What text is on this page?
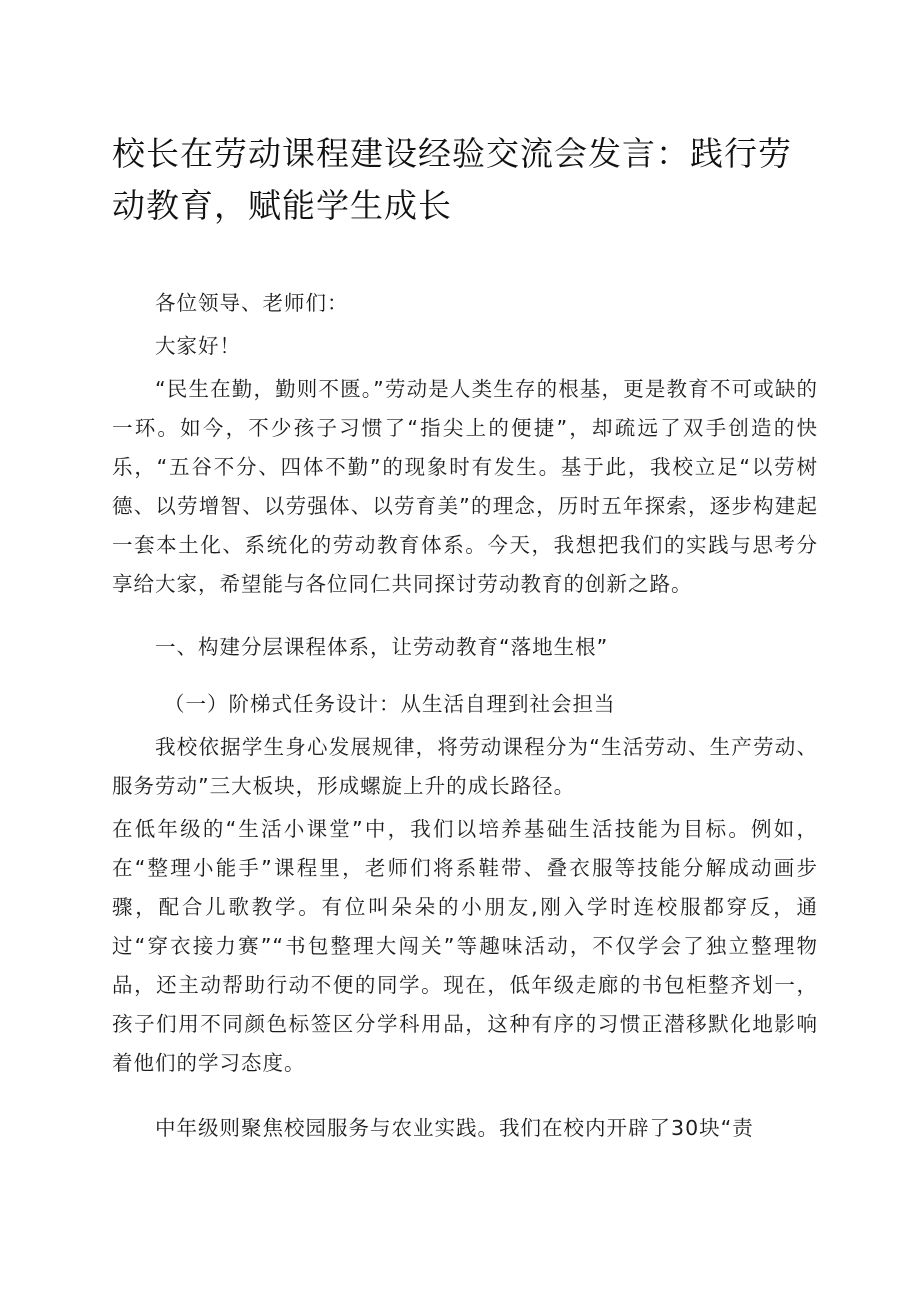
校长在劳动课程建设经验交流会发言：践行劳动教育，赋能学生成长

各位领导、老师们：

大家好！

“民生在勤，勤则不匮。”劳动是人类生存的根基，更是教育不可或缺的一环。如今，不少孩子习惯了“指尖上的便捷”，却疏远了双手创造的快乐，“五谷不分、四体不勤”的现象时有发生。基于此，我校立足“以劳树德、以劳增智、以劳强体、以劳育美”的理念，历时五年探索，逐步构建起一套本土化、系统化的劳动教育体系。今天，我想把我们的实践与思考分享给大家，希望能与各位同仁共同探讨劳动教育的创新之路。

一、构建分层课程体系，让劳动教育“落地生根”

（一）阶梯式任务设计：从生活自理到社会担当

我校依据学生身心发展规律，将劳动课程分为“生活劳动、生产劳动、服务劳动”三大板块，形成螺旋上升的成长路径。

在低年级的“生活小课堂”中，我们以培养基础生活技能为目标。例如，在“整理小能手”课程里，老师们将系鞋带、叠衣服等技能分解成动画步骤，配合儿歌教学。有位叫朵朵的小朋友,刚入学时连校服都穿反，通过“穿衣接力赛”“书包整理大闯关”等趣味活动，不仅学会了独立整理物品，还主动帮助行动不便的同学。现在，低年级走廊的书包柜整齐划一，孩子们用不同颜色标签区分学科用品，这种有序的习惯正潜移默化地影响着他们的学习态度。

中年级则聚焦校园服务与农业实践。我们在校内开辟了30块“责
